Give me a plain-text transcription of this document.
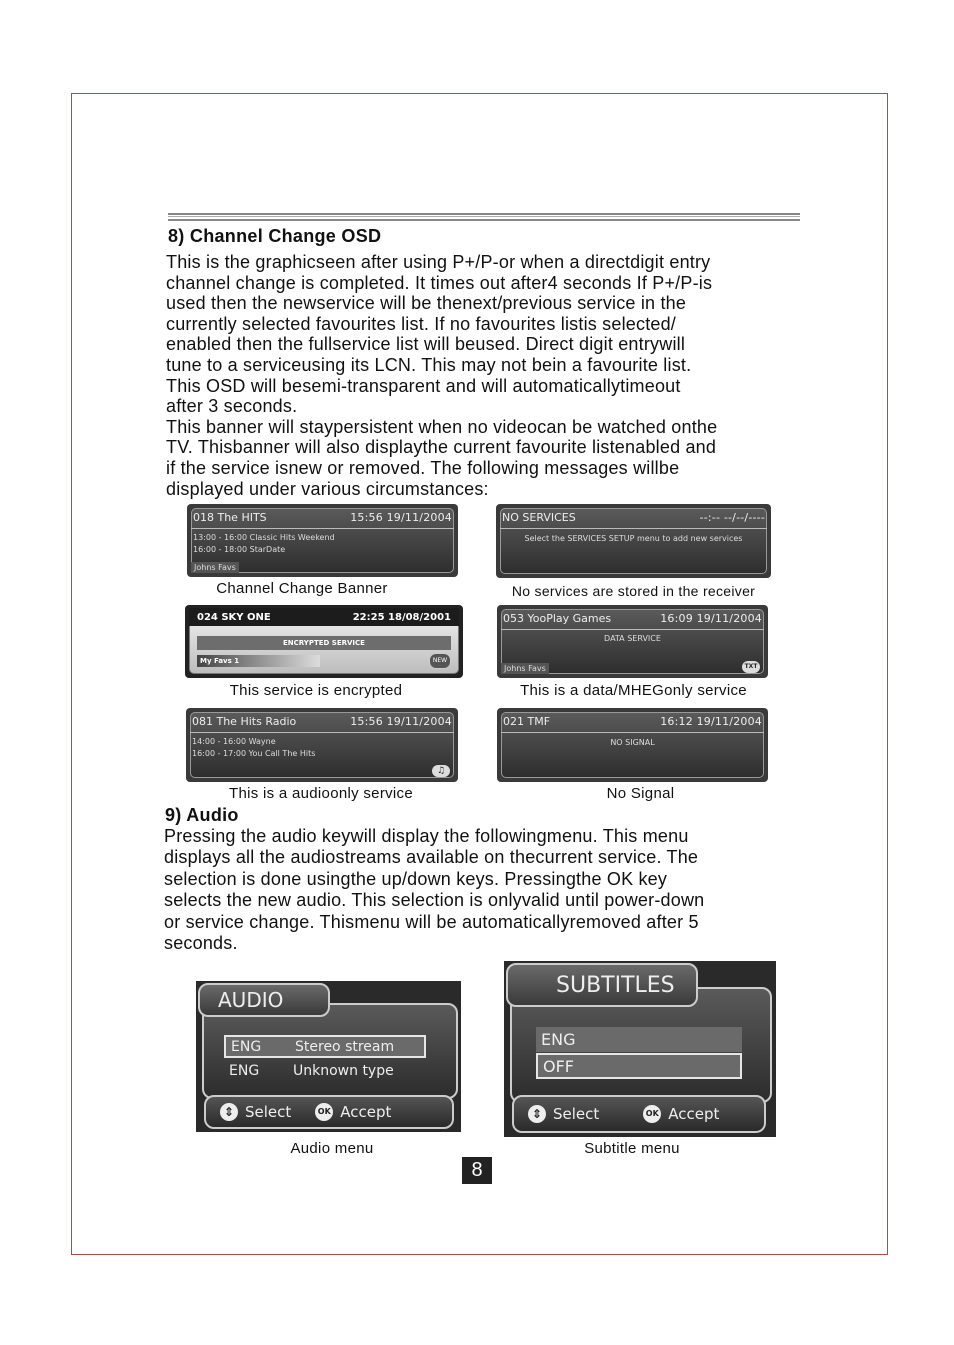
8) Channel Change OSD
This is the graphicseen after using P+/P-or when a directdigit entry
channel change is completed. It times out after4 seconds If P+/P-is
used then the newservice will be thenext/previous service in the
currently selected favourites list. If no favourites listis selected/
enabled then the fullservice list will beused. Direct digit entrywill
tune to a serviceusing its LCN. This may not bein a favourite list.
This OSD will besemi-transparent and will automaticallytimeout
after 3 seconds.
This banner will staypersistent when no videocan be watched onthe
TV. Thisbanner will also displaythe current favourite listenabled and
if the service isnew or removed. The following messages willbe
displayed under various circumstances:
018 The HITS	15:56 19/11/2004
13:00 - 16:00 Classic Hits Weekend
16:00 - 18:00 StarDate
Johns Favs
Channel Change Banner
NO SERVICES	--:-- --/--/----
Select the SERVICES SETUP menu to add new services
No services are stored in the receiver
024 SKY ONE	22:25 18/08/2001
ENCRYPTED SERVICE
My Favs 1	NEW
This service is encrypted
053 YooPlay Games	16:09 19/11/2004
DATA SERVICE
Johns Favs	TXT
This is a data/MHEGonly service
081 The Hits Radio	15:56 19/11/2004
14:00 - 16:00 Wayne
16:00 - 17:00 You Call The Hits
♫
This is a audioonly service
021 TMF	16:12 19/11/2004
NO SIGNAL
No Signal
9) Audio
Pressing the audio keywill display the followingmenu. This menu
displays all the audiostreams available on thecurrent service. The
selection is done usingthe up/down keys. Pressingthe OK key
selects the new audio. This selection is onlyvalid until power-down
or service change. Thismenu will be automaticallyremoved after 5
seconds.
AUDIO
ENG	Stereo stream
ENG	Unknown type
⇕ Select	OK Accept
Audio menu
SUBTITLES
ENG
OFF
⇕ Select	OK Accept
Subtitle menu
8
